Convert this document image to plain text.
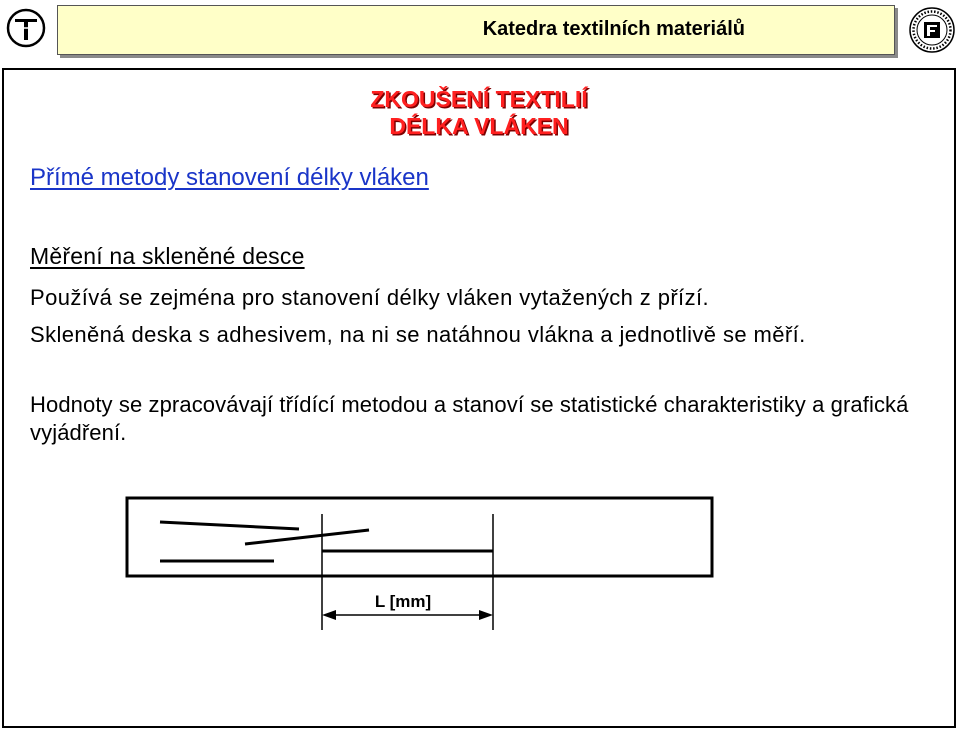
Katedra textilních materiálů
ZKOUŠENÍ TEXTILIÍ
DÉLKA VLÁKEN
Přímé metody stanovení délky vláken
Měření na skleněné desce
Používá se zejména pro stanovení délky vláken vytažených z přízí.
Skleněná deska s adhesivem, na ni se natáhnou vlákna a jednotlivě se měří.
Hodnoty se zpracovávají třídící metodou a stanoví se statistické charakteristiky a grafická vyjádření.
L [mm]
